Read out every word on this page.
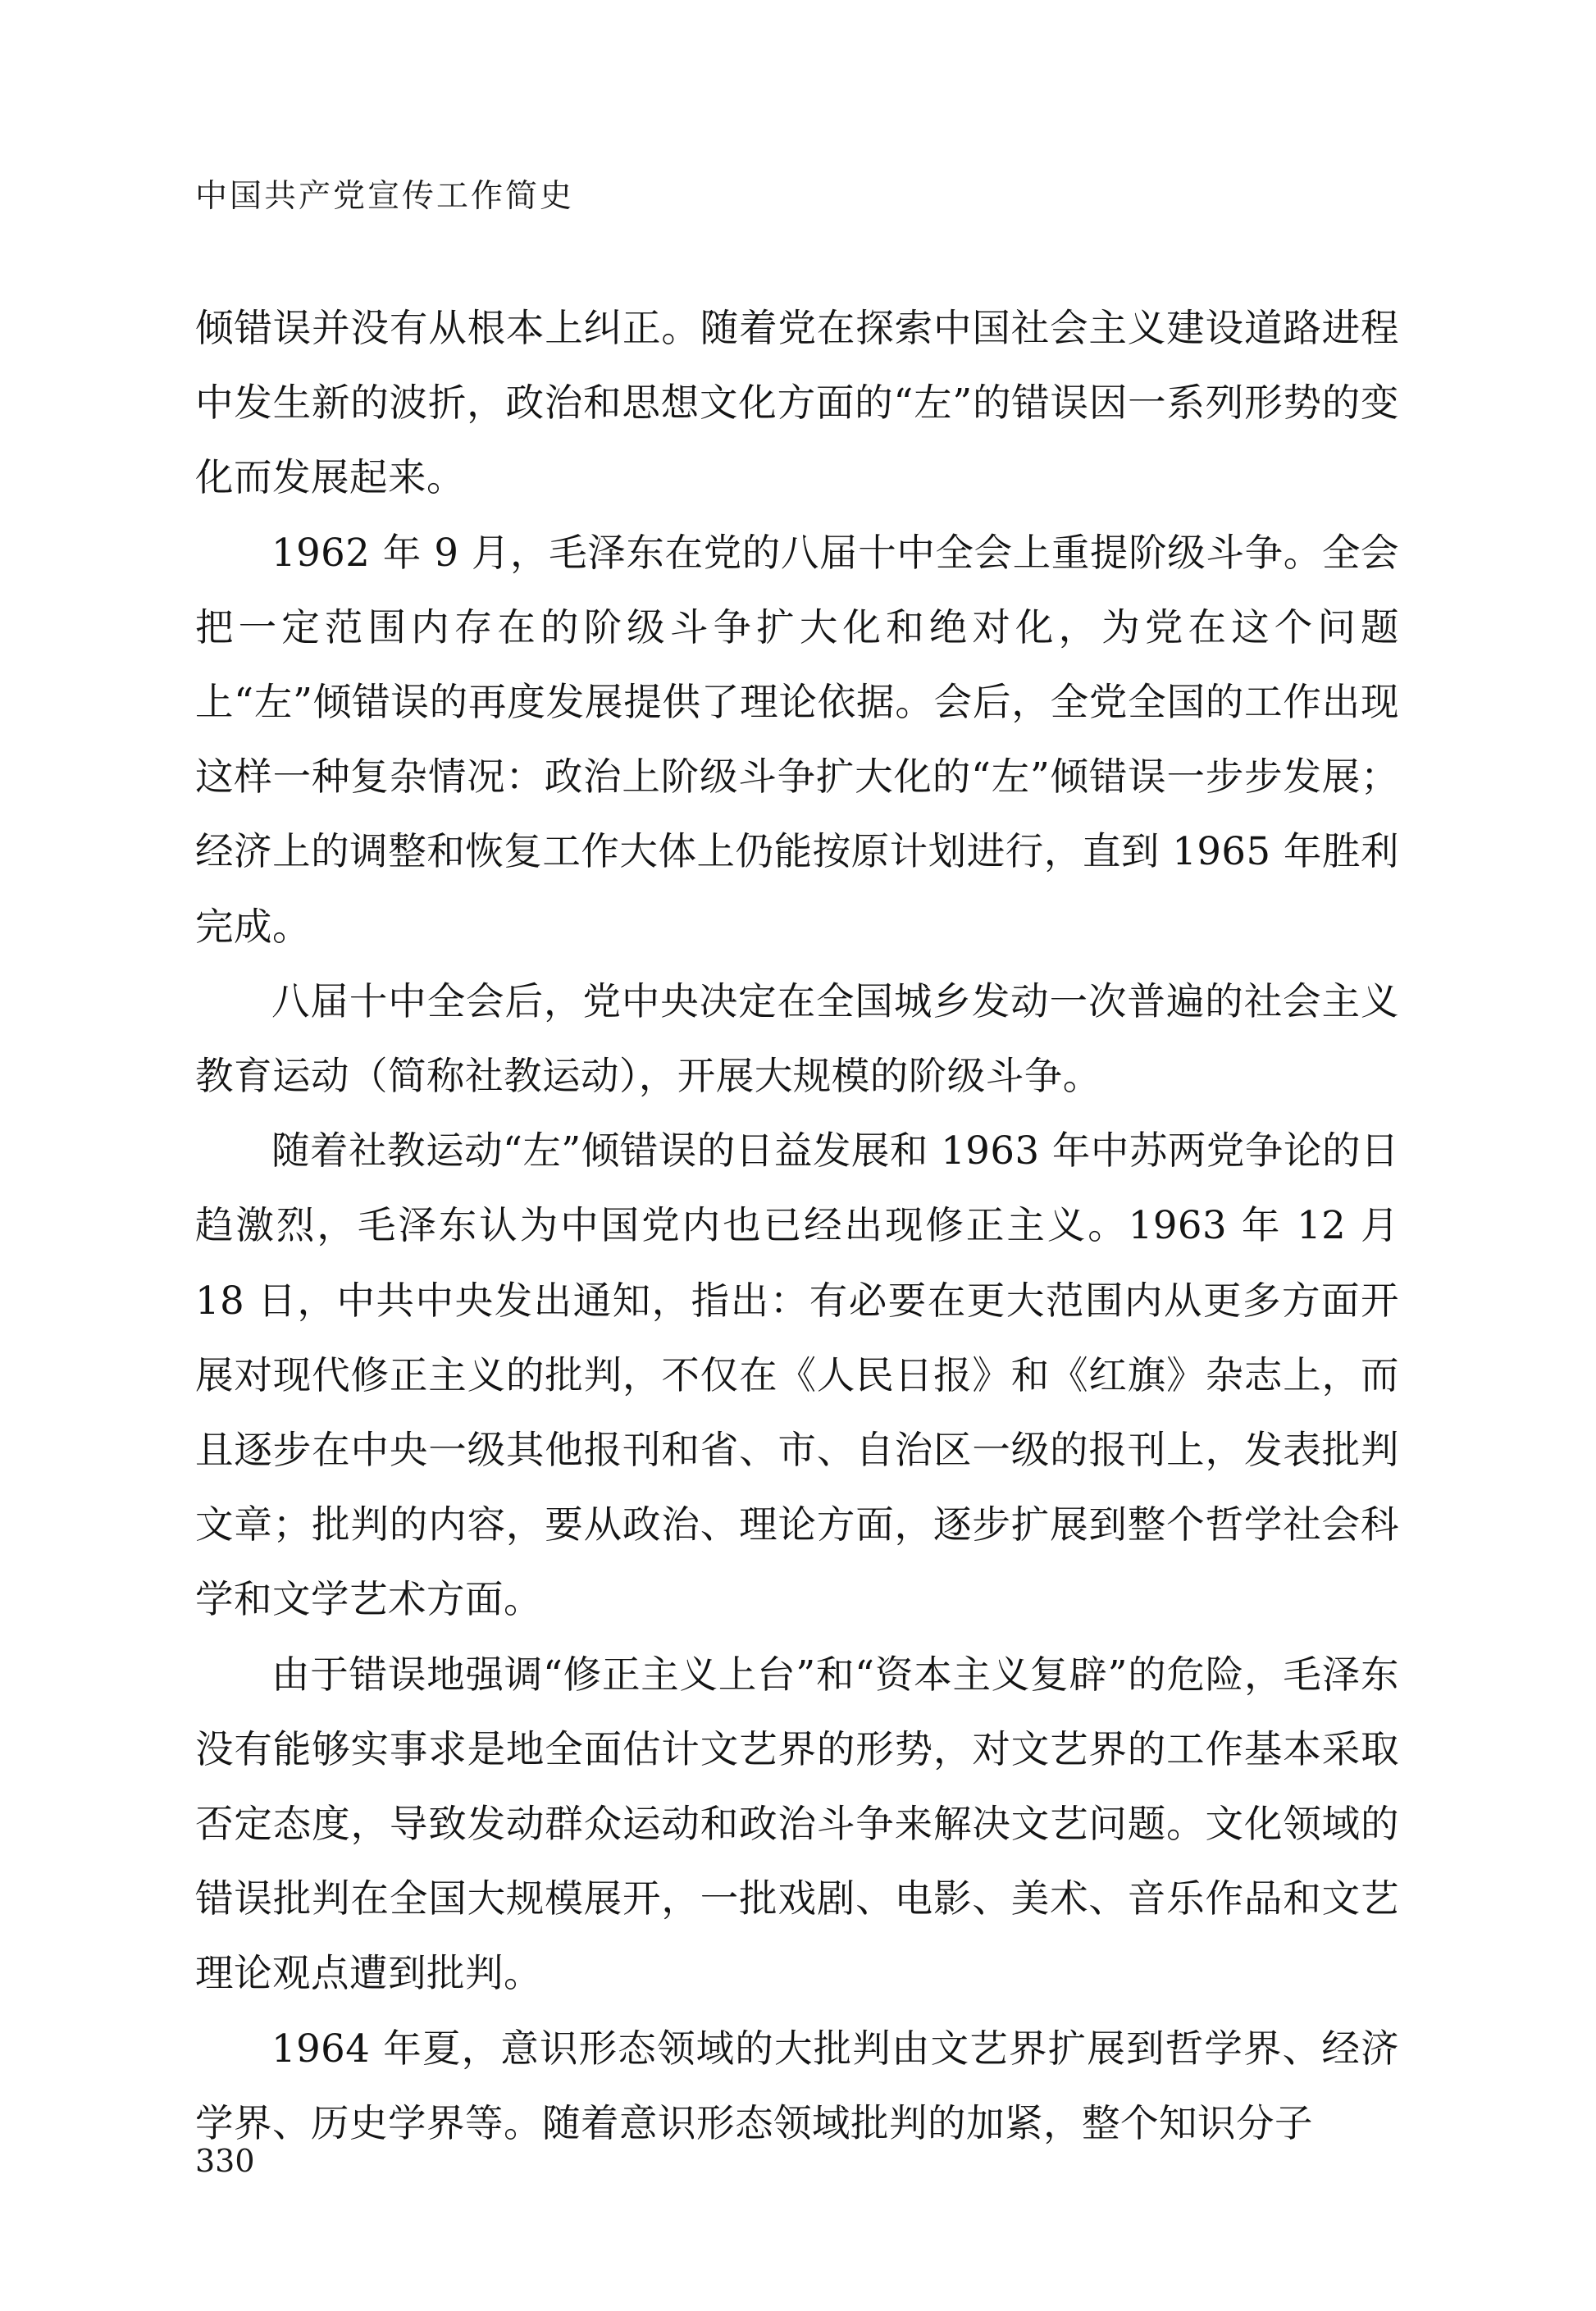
中国共产党宣传工作简史

倾错误并没有从根本上纠正。随着党在探索中国社会主义建设道路进程中发生新的波折，政治和思想文化方面的“左”的错误因一系列形势的变化而发展起来。

1962 年 9 月，毛泽东在党的八届十中全会上重提阶级斗争。全会把一定范围内存在的阶级斗争扩大化和绝对化，为党在这个问题上“左”倾错误的再度发展提供了理论依据。会后，全党全国的工作出现这样一种复杂情况：政治上阶级斗争扩大化的“左”倾错误一步步发展；经济上的调整和恢复工作大体上仍能按原计划进行，直到 1965 年胜利完成。

八届十中全会后，党中央决定在全国城乡发动一次普遍的社会主义教育运动（简称社教运动），开展大规模的阶级斗争。

随着社教运动“左”倾错误的日益发展和 1963 年中苏两党争论的日趋激烈，毛泽东认为中国党内也已经出现修正主义。1963 年 12 月 18 日，中共中央发出通知，指出：有必要在更大范围内从更多方面开展对现代修正主义的批判，不仅在《人民日报》和《红旗》杂志上，而且逐步在中央一级其他报刊和省、市、自治区一级的报刊上，发表批判文章；批判的内容，要从政治、理论方面，逐步扩展到整个哲学社会科学和文学艺术方面。

由于错误地强调“修正主义上台”和“资本主义复辟”的危险，毛泽东没有能够实事求是地全面估计文艺界的形势，对文艺界的工作基本采取否定态度，导致发动群众运动和政治斗争来解决文艺问题。文化领域的错误批判在全国大规模展开，一批戏剧、电影、美术、音乐作品和文艺理论观点遭到批判。

1964 年夏，意识形态领域的大批判由文艺界扩展到哲学界、经济学界、历史学界等。随着意识形态领域批判的加紧，整个知识分子

330
